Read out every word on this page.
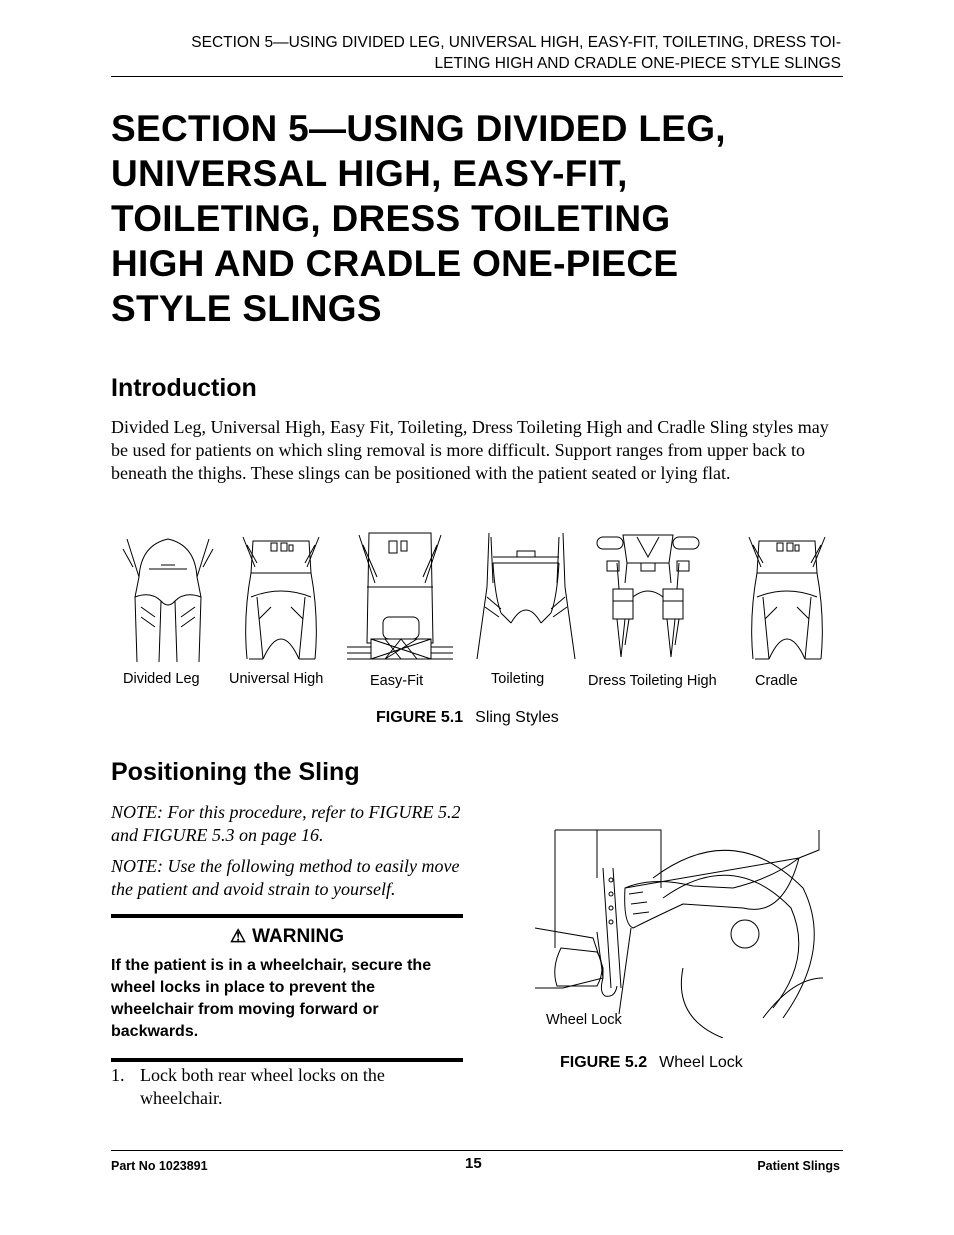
SECTION 5—USING DIVIDED LEG, UNIVERSAL HIGH, EASY-FIT, TOILETING, DRESS TOI-
LETING HIGH AND CRADLE ONE-PIECE STYLE SLINGS
SECTION 5—USING DIVIDED LEG,
UNIVERSAL HIGH, EASY-FIT,
TOILETING, DRESS TOILETING
HIGH AND CRADLE ONE-PIECE
STYLE SLINGS
Introduction

Divided Leg, Universal High, Easy Fit, Toileting, Dress Toileting High and Cradle Sling styles may be used for patients on which sling removal is more difficult. Support ranges from upper back to beneath the thighs. These slings can be positioned with the patient seated or lying flat.

Divided Leg Universal High	Easy-Fit	Toileting	Dress Toileting High	Cradle
FIGURE 5.1 Sling Styles
Positioning the Sling

NOTE: For this procedure, refer to FIGURE 5.2 and FIGURE 5.3 on page 16.

NOTE: Use the following method to easily move the patient and avoid strain to yourself.

⚠ WARNING
If the patient is in a wheelchair, secure the wheel locks in place to prevent the wheelchair from moving forward or backwards.
1. Lock both rear wheel locks on the wheelchair.
Wheel Lock
FIGURE 5.2 Wheel Lock
Part No 1023891	15	Patient Slings
